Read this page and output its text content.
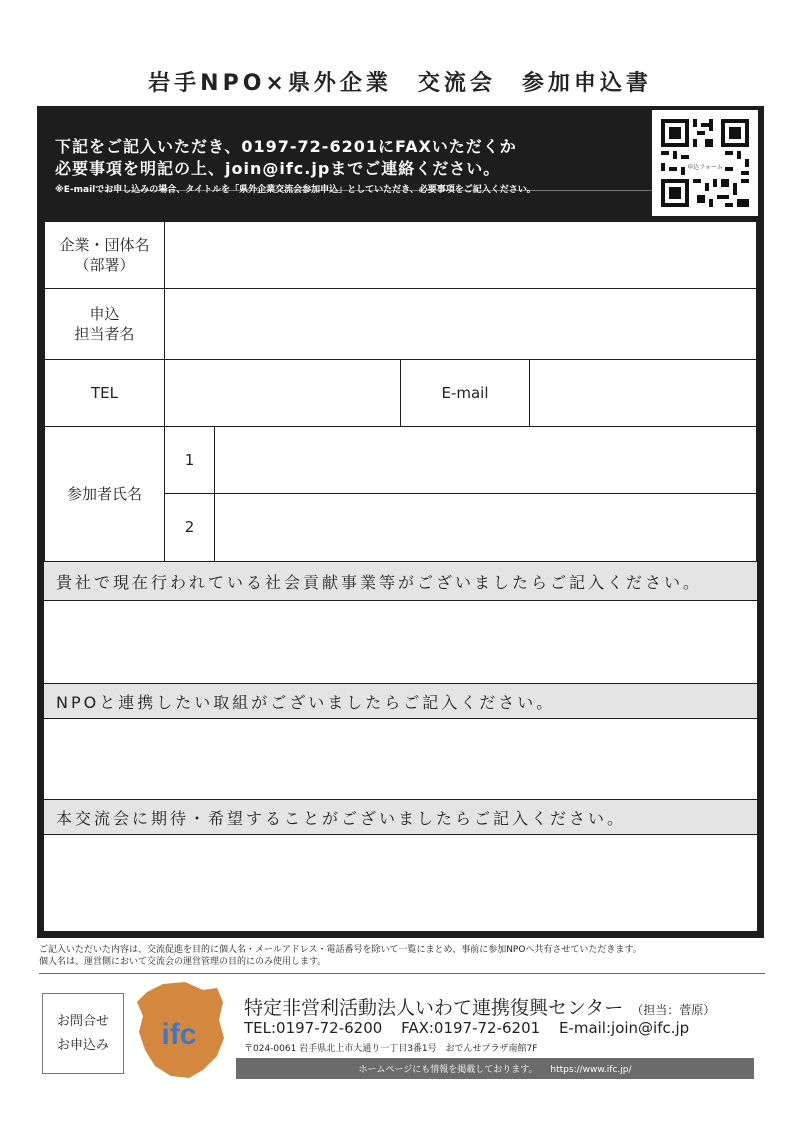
岩手NPO×県外企業　交流会　参加申込書
下記をご記入いただき、0197-72-6201にFAXいただくか
必要事項を明記の上、join@ifc.jpまでご連絡ください。
※E-mailでお申し込みの場合、タイトルを「県外企業交流会参加申込」としていただき、必要事項をご記入ください。
申込フォーム
企業・団体名
（部署）
申込
担当者名
TEL	E-mail
参加者氏名
1
2
貴社で現在行われている社会貢献事業等がございましたらご記入ください。
NPOと連携したい取組がございましたらご記入ください。
本交流会に期待・希望することがございましたらご記入ください。
ご記入いただいた内容は、交流促進を目的に個人名・メールアドレス・電話番号を除いて一覧にまとめ、事前に参加NPOへ共有させていただきます。
個人名は、運営側において交流会の運営管理の目的にのみ使用します。
お問合せ
お申込み ifc
特定非営利活動法人いわて連携復興センター （担当：菅原）
TEL:0197-72-6200 FAX:0197-72-6201 E-mail:join@ifc.jp
〒024-0061 岩手県北上市大通り一丁目3番1号　おでんせプラザ南館7F
ホームページにも情報を掲載しております。 https://www.ifc.jp/
